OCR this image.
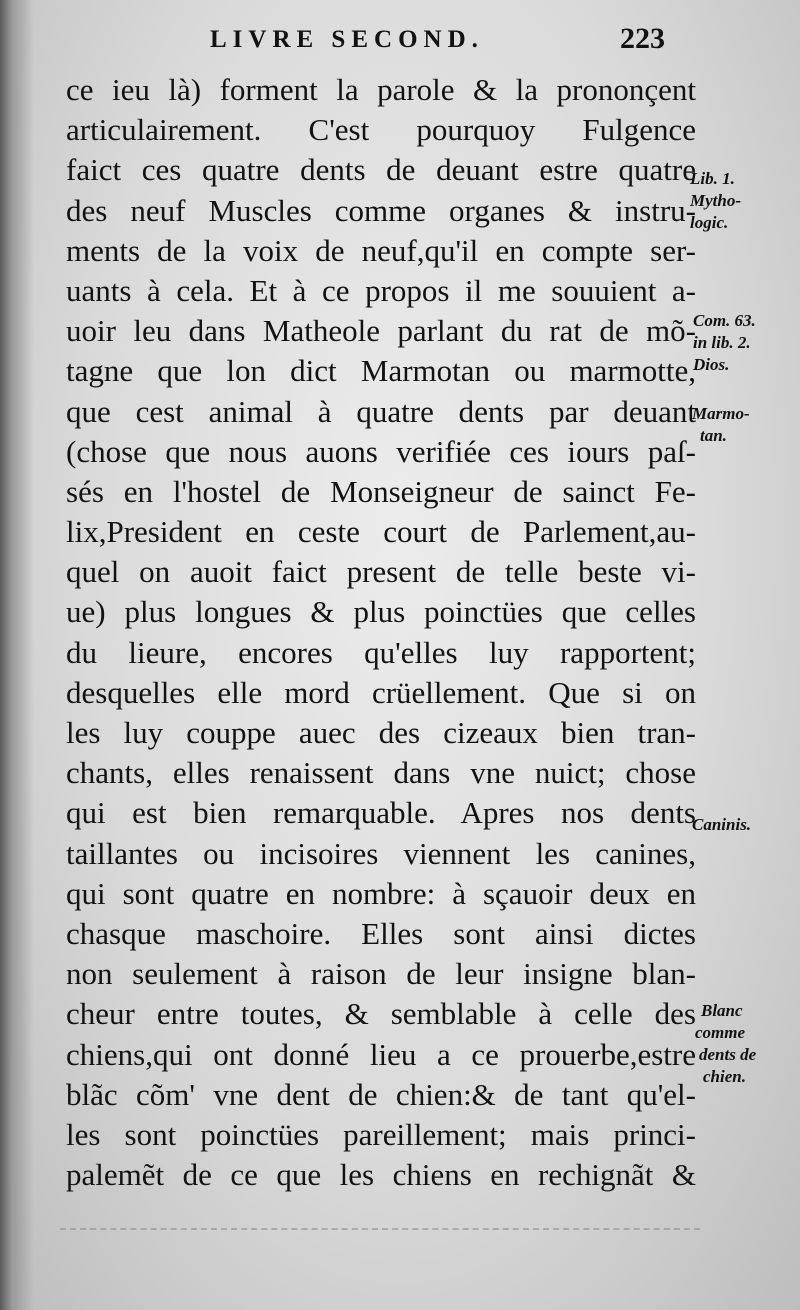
LIVRE SECOND.	223
ce ieu là) forment la parole & la prononçent
articulairement. C'est pourquoy Fulgence
faict ces quatre dents de deuant estre quatre
des neuf Muscles comme organes & instru-
ments de la voix de neuf,qu'il en compte ser-
uants à cela. Et à ce propos il me souuient a-
uoir leu dans Matheole parlant du rat de mõ-
tagne que lon dict Marmotan ou marmotte,
que cest animal à quatre dents par deuant
(chose que nous auons verifiée ces iours paſ-
sés en l'hostel de Monseigneur de sainct Fe-
lix,President en ceste court de Parlement,au-
quel on auoit faict present de telle beste vi-
ue) plus longues & plus poinctües que celles
du lieure, encores qu'elles luy rapportent;
desquelles elle mord crüellement. Que si on
les luy couppe auec des cizeaux bien tran-
chants, elles renaissent dans vne nuict; chose
qui est bien remarquable. Apres nos dents
taillantes ou incisoires viennent les canines,
qui sont quatre en nombre: à sçauoir deux en
chasque maschoire. Elles sont ainsi dictes
non seulement à raison de leur insigne blan-
cheur entre toutes, & semblable à celle des
chiens,qui ont donné lieu a ce prouerbe,estre
blãc cõm' vne dent de chien:& de tant qu'el-
les sont poinctües pareillement; mais princi-
palemẽt de ce que les chiens en rechignãt &
Lib. 1.
Mytho-
logic.
Com. 63.
in lib. 2.
Dios.
Marmo-
tan.
Caninis.
Blanc
comme
dents de
chien.
